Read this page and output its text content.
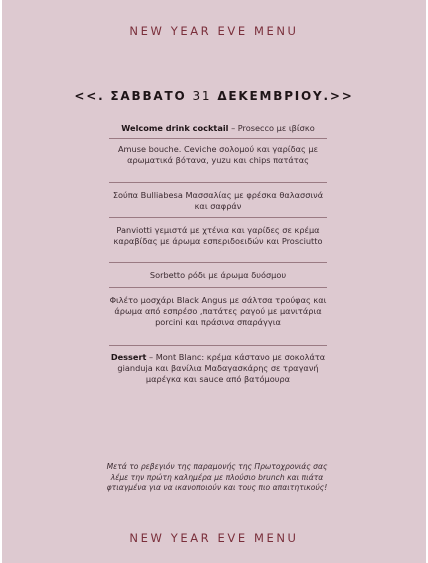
NEW YEAR EVE MENU
<<. ΣΑΒΒΑΤΟ 31 ΔΕΚΕΜΒΡΙΟΥ.>>
Welcome drink cocktail – Prosecco με ιβίσκο
Amuse bouche. Ceviche σολομού και γαρίδας με αρωματικά βότανα, yuzu και chips πατάτας
Σούπα Bulliabesa Μασσαλίας με φρέσκα θαλασσινά και σαφράν
Panviotti γεμιστά με χτένια και γαρίδες σε κρέμα καραβίδας με άρωμα εσπεριδοειδών και Prosciutto
Sorbetto ρόδι με άρωμα δυόσμου
Φιλέτο μοσχάρι Black Angus με σάλτσα τρούφας και άρωμα από εσπρέσο ,πατάτες ραγού με μανιτάρια porcini και πράσινα σπαράγγια
Dessert – Mont Blanc: κρέμα κάστανο με σοκολάτα gianduja και βανίλια Μαδαγασκάρης σε τραγανή μαρέγκα και sauce από βατόμουρα
Μετά το ρεβεγιόν της παραμονής της Πρωτοχρονιάς σας λέμε την πρώτη καλημέρα με πλούσιο brunch και πιάτα φτιαγμένα για να ικανοποιούν και τους πιο απαιτητικούς!
NEW YEAR EVE MENU
